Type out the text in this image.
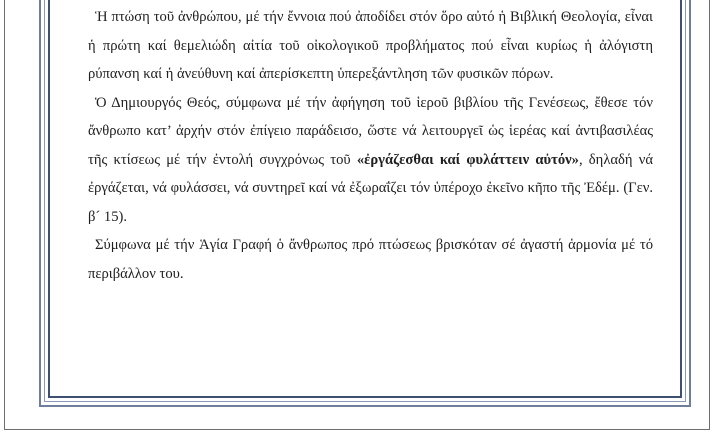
Ἡ πτώση τοῦ ἀνθρώπου, μέ τήν ἔννοια πού ἀποδίδει στόν ὅρο αὐτό ἡ Βιβλική Θεολογία, εἶναι ἡ πρώτη καί θεμελιώδη αἰτία τοῦ οἰκολογικοῦ προβλήματος πού εἶναι κυρίως ἡ ἀλόγιστη ρύπανση καί ἡ ἀνεύθυνη καί ἀπερίσκεπτη ὑπερεξάντληση τῶν φυσικῶν πόρων.

Ὁ Δημιουργός Θεός, σύμφωνα μέ τήν ἀφήγηση τοῦ ἱεροῦ βιβλίου τῆς Γενέσεως, ἔθεσε τόν ἄνθρωπο κατ’ ἀρχήν στόν ἐπίγειο παράδεισο, ὥστε νά λειτουργεῖ ὡς ἱερέας καί ἀντιβασιλέας τῆς κτίσεως μέ τήν ἐντολή συγχρόνως τοῦ «ἐργάζεσθαι καί φυλάττειν αὐτόν», δηλαδή νά ἐργάζεται, νά φυλάσσει, νά συντηρεῖ καί νά ἐξωραΐζει τόν ὑπέροχο ἐκεῖνο κῆπο τῆς Ἐδέμ. (Γεν. β´ 15).

Σύμφωνα μέ τήν Ἁγία Γραφή ὁ ἄνθρωπος πρό πτώσεως βρισκόταν σέ ἀγαστή ἁρμονία μέ τό περιβάλλον του.
